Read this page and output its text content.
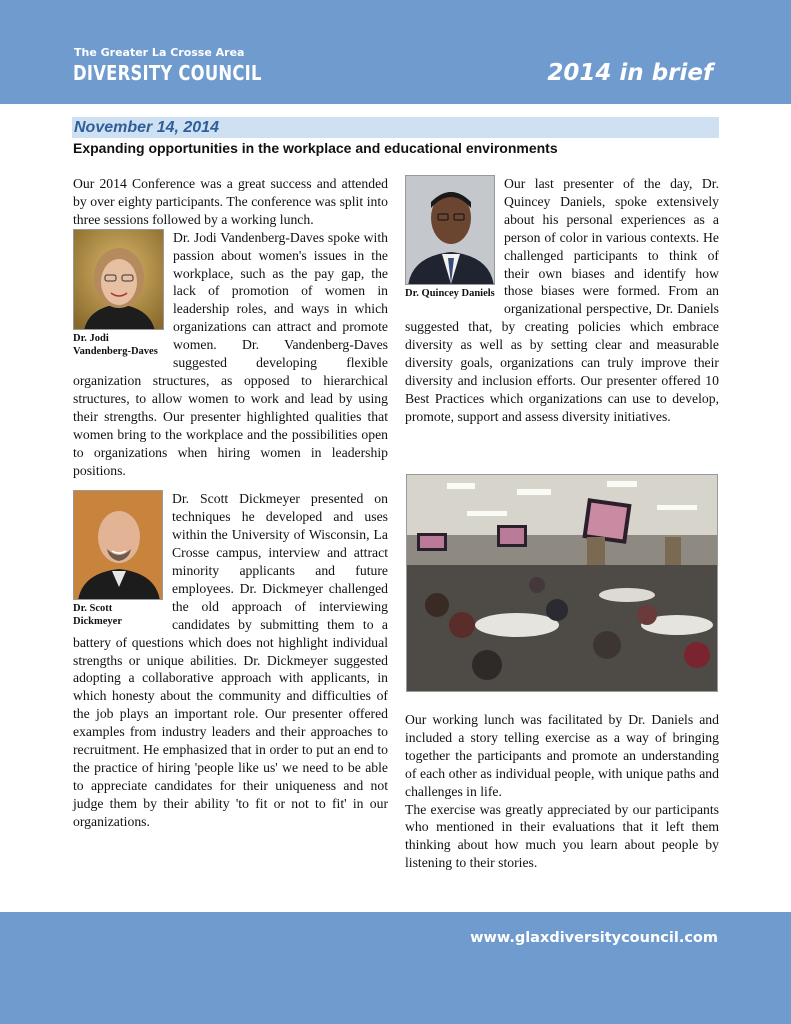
The Greater La Crosse Area
DIVERSITY COUNCIL	2014 in brief
November 14, 2014
Expanding opportunities in the workplace and educational environments

Our 2014 Conference was a great success and attended by over eighty participants. The conference was split into three sessions followed by a working lunch.

Dr. Jodi Vandenberg-Daves

Dr. Jodi Vandenberg-Daves spoke with passion about women's issues in the workplace, such as the pay gap, the lack of promotion of women in leadership roles, and ways in which organizations can attract and promote women. Dr. Vandenberg-Daves suggested developing flexible organization structures, as opposed to hierarchical structures, to allow women to work and lead by using their strengths. Our presenter highlighted qualities that women bring to the workplace and the possibilities open to organizations when hiring women in leadership positions.

Dr. Scott Dickmeyer

Dr. Scott Dickmeyer presented on techniques he developed and uses within the University of Wisconsin, La Crosse campus, interview and attract minority applicants and future employees. Dr. Dickmeyer challenged the old approach of interviewing candidates by submitting them to a battery of questions which does not highlight individual strengths or unique abilities. Dr. Dickmeyer suggested adopting a collaborative approach with applicants, in which honesty about the community and difficulties of the job plays an important role. Our presenter offered examples from industry leaders and their approaches to recruitment. He emphasized that in order to put an end to the practice of hiring 'people like us' we need to be able to appreciate candidates for their uniqueness and not judge them by their ability 'to fit or not to fit' in our organizations.

Dr. Quincey Daniels

Our last presenter of the day, Dr. Quincey Daniels, spoke extensively about his personal experiences as a person of color in various contexts. He challenged participants to think of their own biases and identify how those biases were formed. From an organizational perspective, Dr. Daniels suggested that, by creating policies which embrace diversity as well as by setting clear and measurable diversity goals, organizations can truly improve their diversity and inclusion efforts. Our presenter offered 10 Best Practices which organizations can use to develop, promote, support and assess diversity initiatives.

Our working lunch was facilitated by Dr. Daniels and included a story telling exercise as a way of bringing together the participants and promote an understanding of each other as individual people, with unique paths and challenges in life.

The exercise was greatly appreciated by our participants who mentioned in their evaluations that it left them thinking about how much you learn about people by listening to their stories.

www.glaxdiversitycouncil.com
